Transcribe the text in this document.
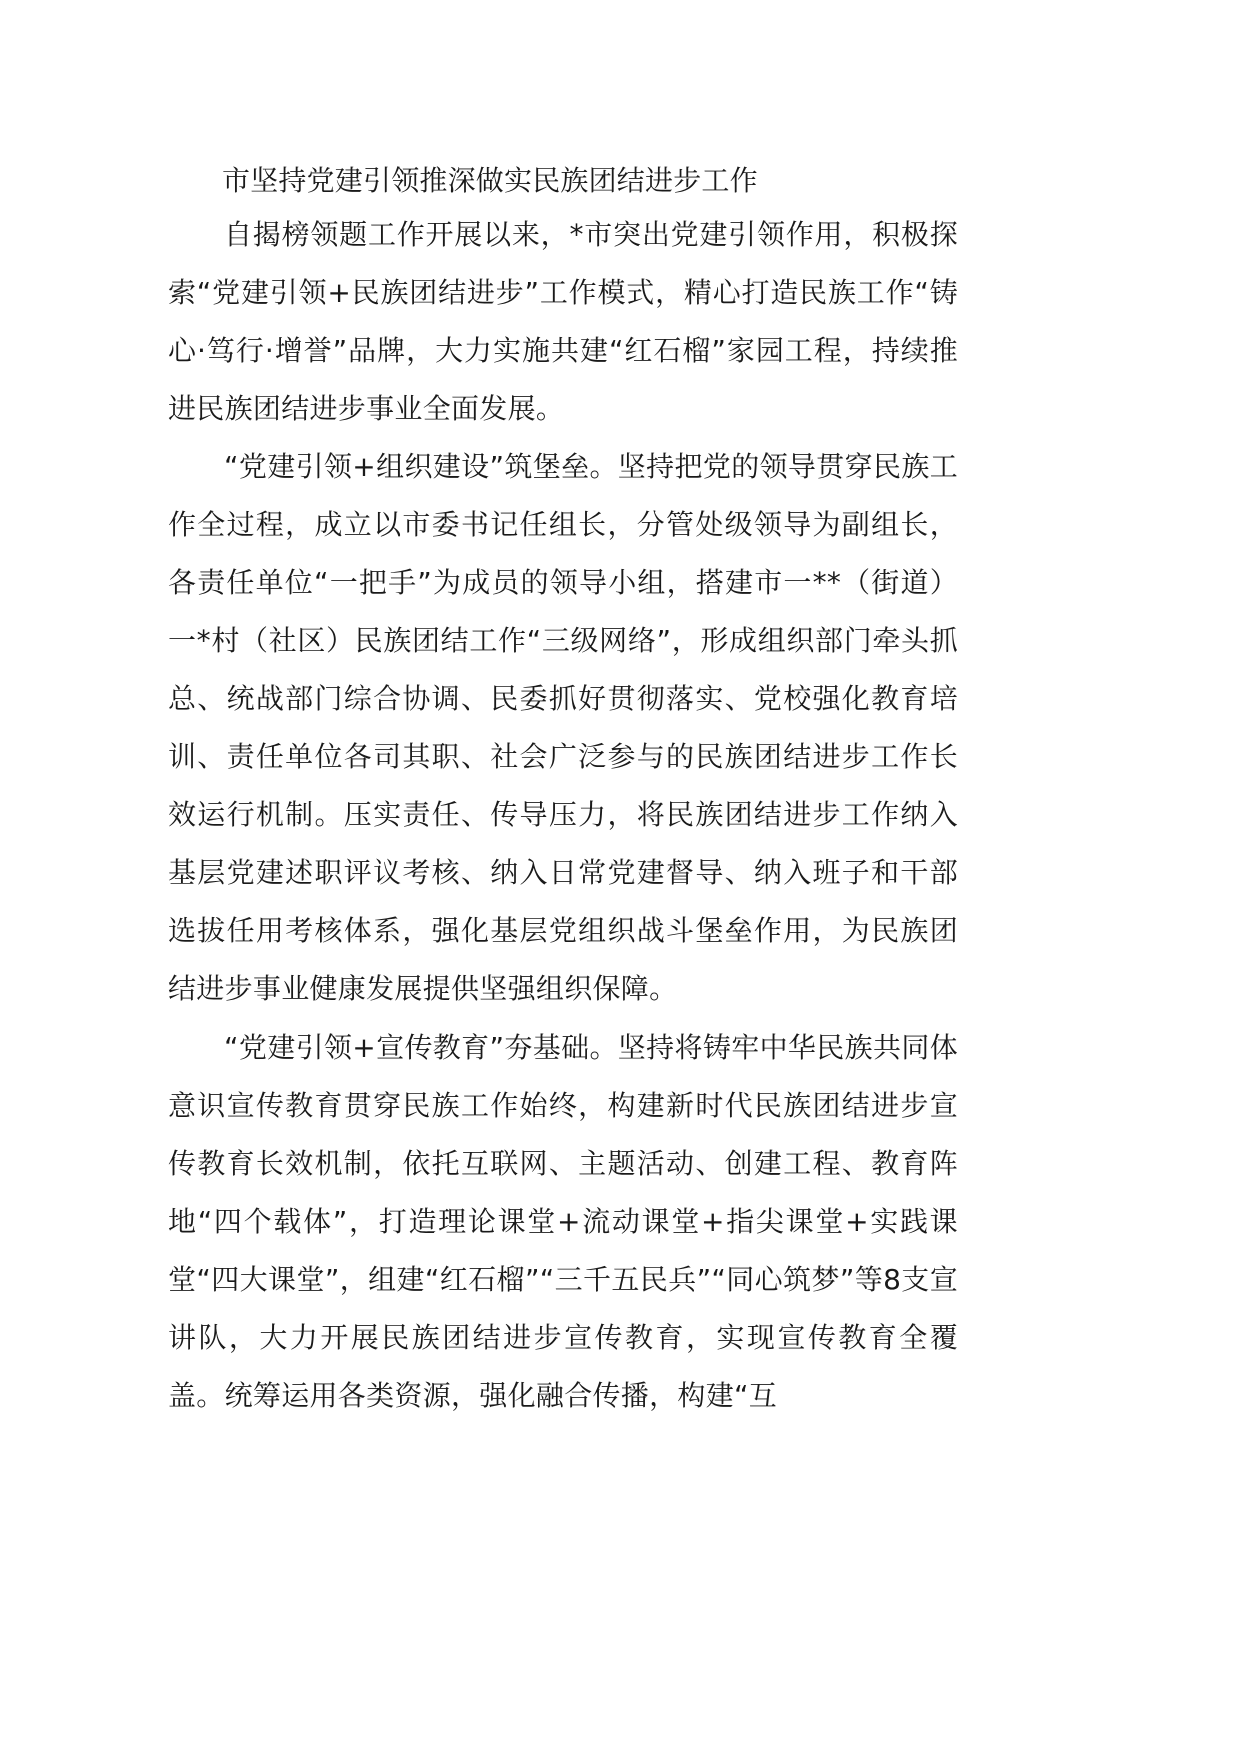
市坚持党建引领推深做实民族团结进步工作

自揭榜领题工作开展以来，*市突出党建引领作用，积极探索“党建引领+民族团结进步”工作模式，精心打造民族工作“铸心·笃行·增誉”品牌，大力实施共建“红石榴”家园工程，持续推进民族团结进步事业全面发展。

“党建引领+组织建设”筑堡垒。坚持把党的领导贯穿民族工作全过程，成立以市委书记任组长，分管处级领导为副组长，各责任单位“一把手”为成员的领导小组，搭建市一**（街道）一*村（社区）民族团结工作“三级网络”，形成组织部门牵头抓总、统战部门综合协调、民委抓好贯彻落实、党校强化教育培训、责任单位各司其职、社会广泛参与的民族团结进步工作长效运行机制。压实责任、传导压力，将民族团结进步工作纳入基层党建述职评议考核、纳入日常党建督导、纳入班子和干部选拔任用考核体系，强化基层党组织战斗堡垒作用，为民族团结进步事业健康发展提供坚强组织保障。

“党建引领+宣传教育”夯基础。坚持将铸牢中华民族共同体意识宣传教育贯穿民族工作始终，构建新时代民族团结进步宣传教育长效机制，依托互联网、主题活动、创建工程、教育阵地“四个载体”，打造理论课堂+流动课堂+指尖课堂+实践课堂“四大课堂”，组建“红石榴”“三千五民兵”“同心筑梦”等8支宣讲队，大力开展民族团结进步宣传教育，实现宣传教育全覆盖。统筹运用各类资源，强化融合传播，构建“互
